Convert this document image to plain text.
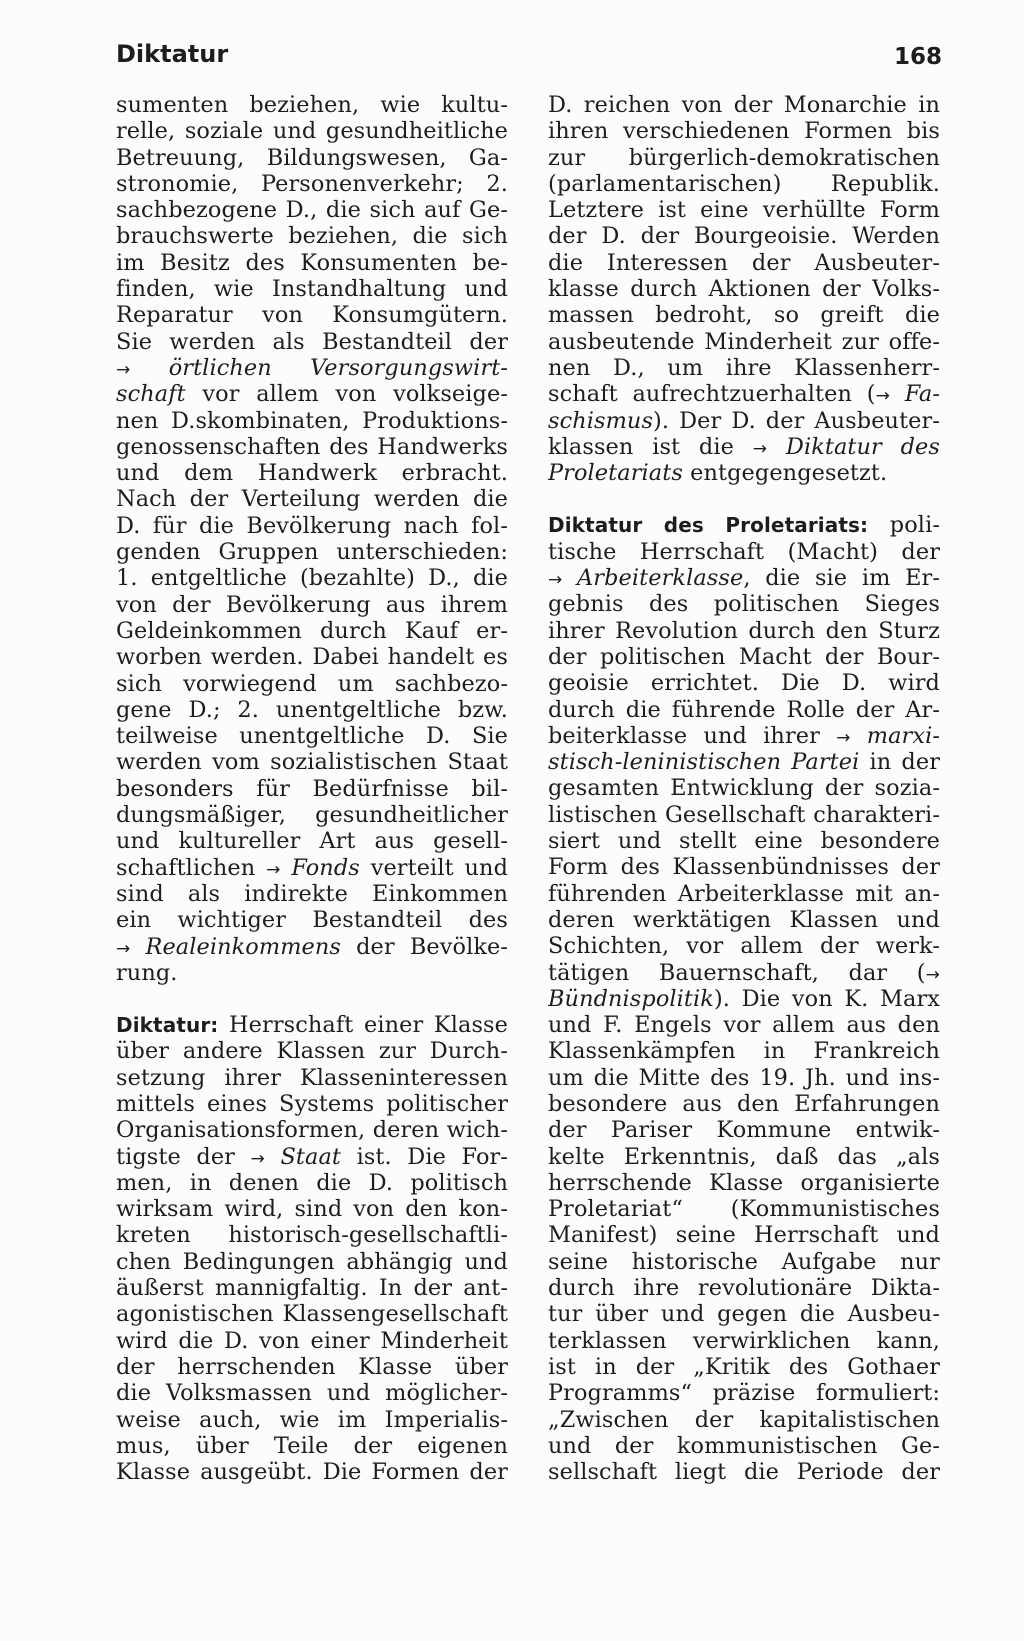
Diktatur	168
sumenten beziehen, wie kultu-
relle, soziale und gesundheitliche
Betreuung, Bildungswesen, Ga-
stronomie, Personenverkehr; 2.
sachbezogene D., die sich auf Ge-
brauchswerte beziehen, die sich
im Besitz des Konsumenten be-
finden, wie Instandhaltung und
Reparatur von Konsumgütern.
Sie werden als Bestandteil der
→ örtlichen Versorgungswirt-
schaft vor allem von volkseige-
nen D.skombinaten, Produktions-
genossenschaften des Handwerks
und dem Handwerk erbracht.
Nach der Verteilung werden die
D. für die Bevölkerung nach fol-
genden Gruppen unterschieden:
1. entgeltliche (bezahlte) D., die
von der Bevölkerung aus ihrem
Geldeinkommen durch Kauf er-
worben werden. Dabei handelt es
sich vorwiegend um sachbezo-
gene D.; 2. unentgeltliche bzw.
teilweise unentgeltliche D. Sie
werden vom sozialistischen Staat
besonders für Bedürfnisse bil-
dungsmäßiger, gesundheitlicher
und kultureller Art aus gesell-
schaftlichen → Fonds verteilt und
sind als indirekte Einkommen
ein wichtiger Bestandteil des
→ Realeinkommens der Bevölke-
rung.
Diktatur: Herrschaft einer Klasse
über andere Klassen zur Durch-
setzung ihrer Klasseninteressen
mittels eines Systems politischer
Organisationsformen, deren wich-
tigste der → Staat ist. Die For-
men, in denen die D. politisch
wirksam wird, sind von den kon-
kreten historisch-gesellschaftli-
chen Bedingungen abhängig und
äußerst mannigfaltig. In der ant-
agonistischen Klassengesellschaft
wird die D. von einer Minderheit
der herrschenden Klasse über
die Volksmassen und möglicher-
weise auch, wie im Imperialis-
mus, über Teile der eigenen
Klasse ausgeübt. Die Formen der
D. reichen von der Monarchie in
ihren verschiedenen Formen bis
zur bürgerlich-demokratischen
(parlamentarischen) Republik.
Letztere ist eine verhüllte Form
der D. der Bourgeoisie. Werden
die Interessen der Ausbeuter-
klasse durch Aktionen der Volks-
massen bedroht, so greift die
ausbeutende Minderheit zur offe-
nen D., um ihre Klassenherr-
schaft aufrechtzuerhalten (→ Fa-
schismus). Der D. der Ausbeuter-
klassen ist die → Diktatur des
Proletariats entgegengesetzt.
Diktatur des Proletariats: poli-
tische Herrschaft (Macht) der
→ Arbeiterklasse, die sie im Er-
gebnis des politischen Sieges
ihrer Revolution durch den Sturz
der politischen Macht der Bour-
geoisie errichtet. Die D. wird
durch die führende Rolle der Ar-
beiterklasse und ihrer → marxi-
stisch-leninistischen Partei in der
gesamten Entwicklung der sozia-
listischen Gesellschaft charakteri-
siert und stellt eine besondere
Form des Klassenbündnisses der
führenden Arbeiterklasse mit an-
deren werktätigen Klassen und
Schichten, vor allem der werk-
tätigen Bauernschaft, dar (→
Bündnispolitik). Die von K. Marx
und F. Engels vor allem aus den
Klassenkämpfen in Frankreich
um die Mitte des 19. Jh. und ins-
besondere aus den Erfahrungen
der Pariser Kommune entwik-
kelte Erkenntnis, daß das „als
herrschende Klasse organisierte
Proletariat“ (Kommunistisches
Manifest) seine Herrschaft und
seine historische Aufgabe nur
durch ihre revolutionäre Dikta-
tur über und gegen die Ausbeu-
terklassen verwirklichen kann,
ist in der „Kritik des Gothaer
Programms“ präzise formuliert:
„Zwischen der kapitalistischen
und der kommunistischen Ge-
sellschaft liegt die Periode der
